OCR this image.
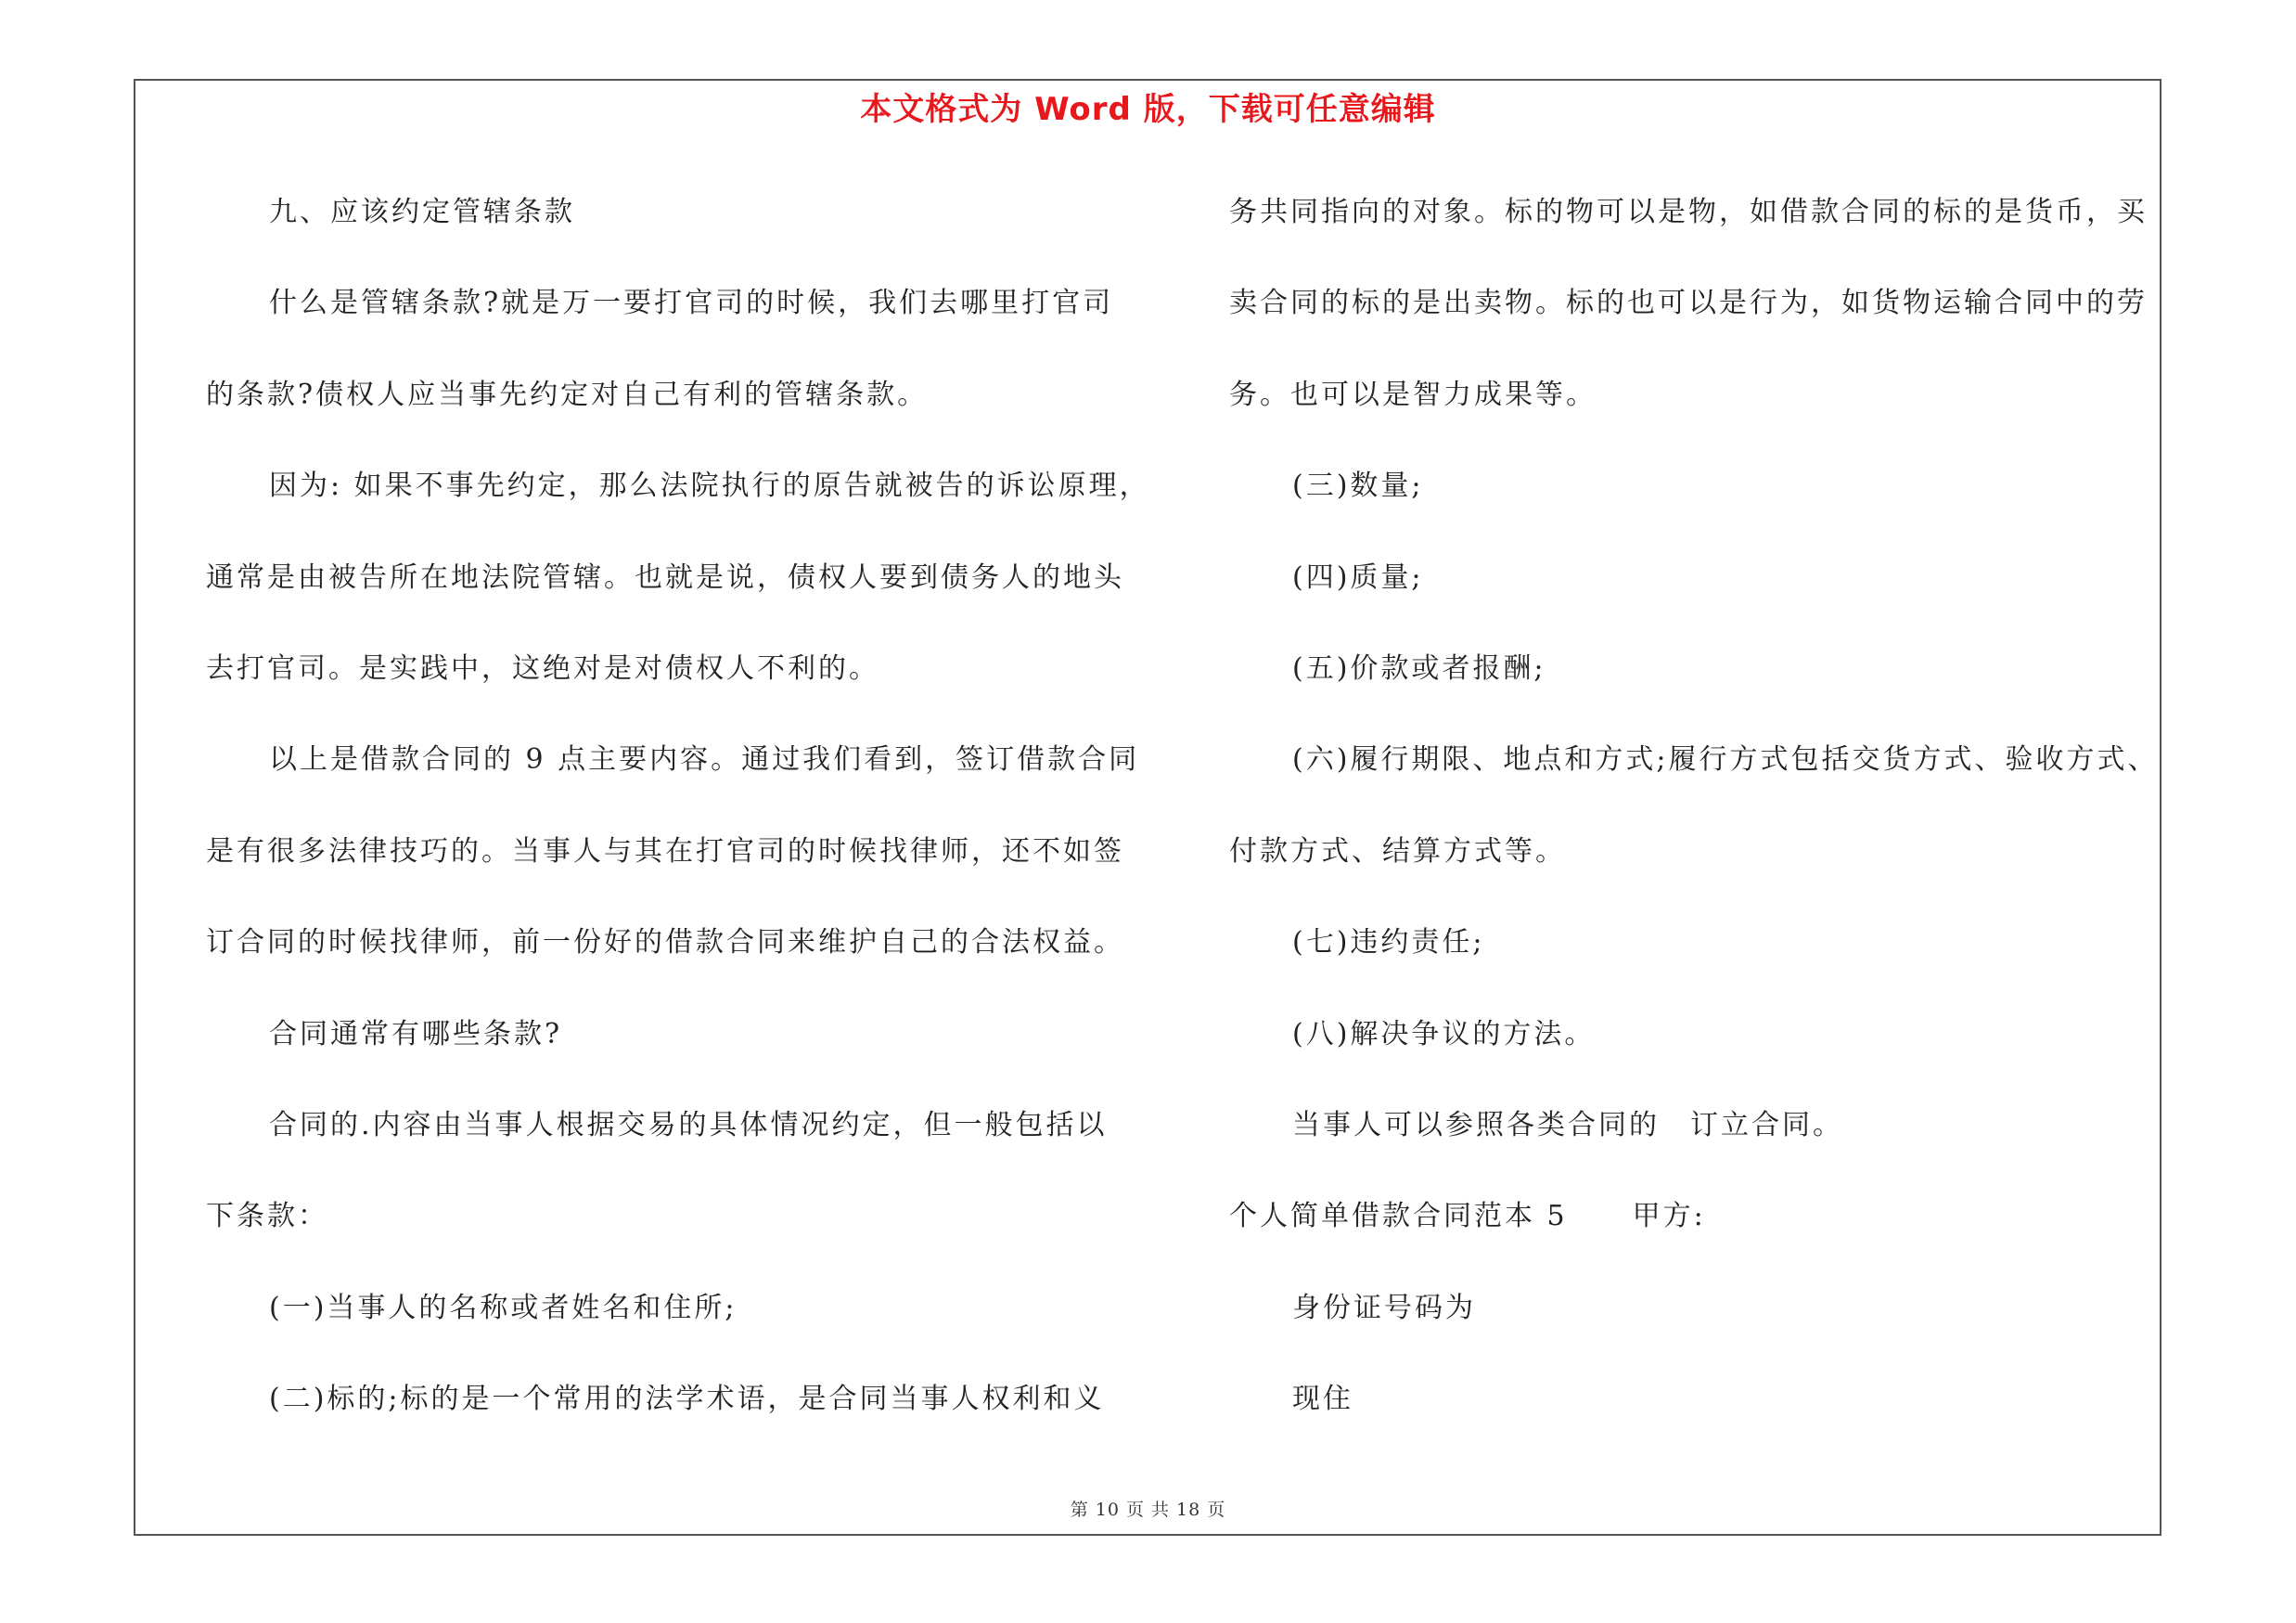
本文格式为 Word 版，下载可任意编辑
九、应该约定管辖条款
什么是管辖条款?就是万一要打官司的时候，我们去哪里打官司
的条款?债权人应当事先约定对自己有利的管辖条款。
因为: 如果不事先约定，那么法院执行的原告就被告的诉讼原理，
通常是由被告所在地法院管辖。也就是说，债权人要到债务人的地头
去打官司。是实践中，这绝对是对债权人不利的。
以上是借款合同的 9 点主要内容。通过我们看到，签订借款合同
是有很多法律技巧的。当事人与其在打官司的时候找律师，还不如签
订合同的时候找律师，前一份好的借款合同来维护自己的合法权益。
合同通常有哪些条款?
合同的.内容由当事人根据交易的具体情况约定，但一般包括以
下条款：
(一)当事人的名称或者姓名和住所;
(二)标的;标的是一个常用的法学术语，是合同当事人权利和义
务共同指向的对象。标的物可以是物，如借款合同的标的是货币，买
卖合同的标的是出卖物。标的也可以是行为，如货物运输合同中的劳
务。也可以是智力成果等。
(三)数量;
(四)质量;
(五)价款或者报酬;
(六)履行期限、地点和方式;履行方式包括交货方式、验收方式、
付款方式、结算方式等。
(七)违约责任;
(八)解决争议的方法。
当事人可以参照各类合同的　订立合同。
个人简单借款合同范本 5 甲方:
身份证号码为
现住
第 10 页 共 18 页
